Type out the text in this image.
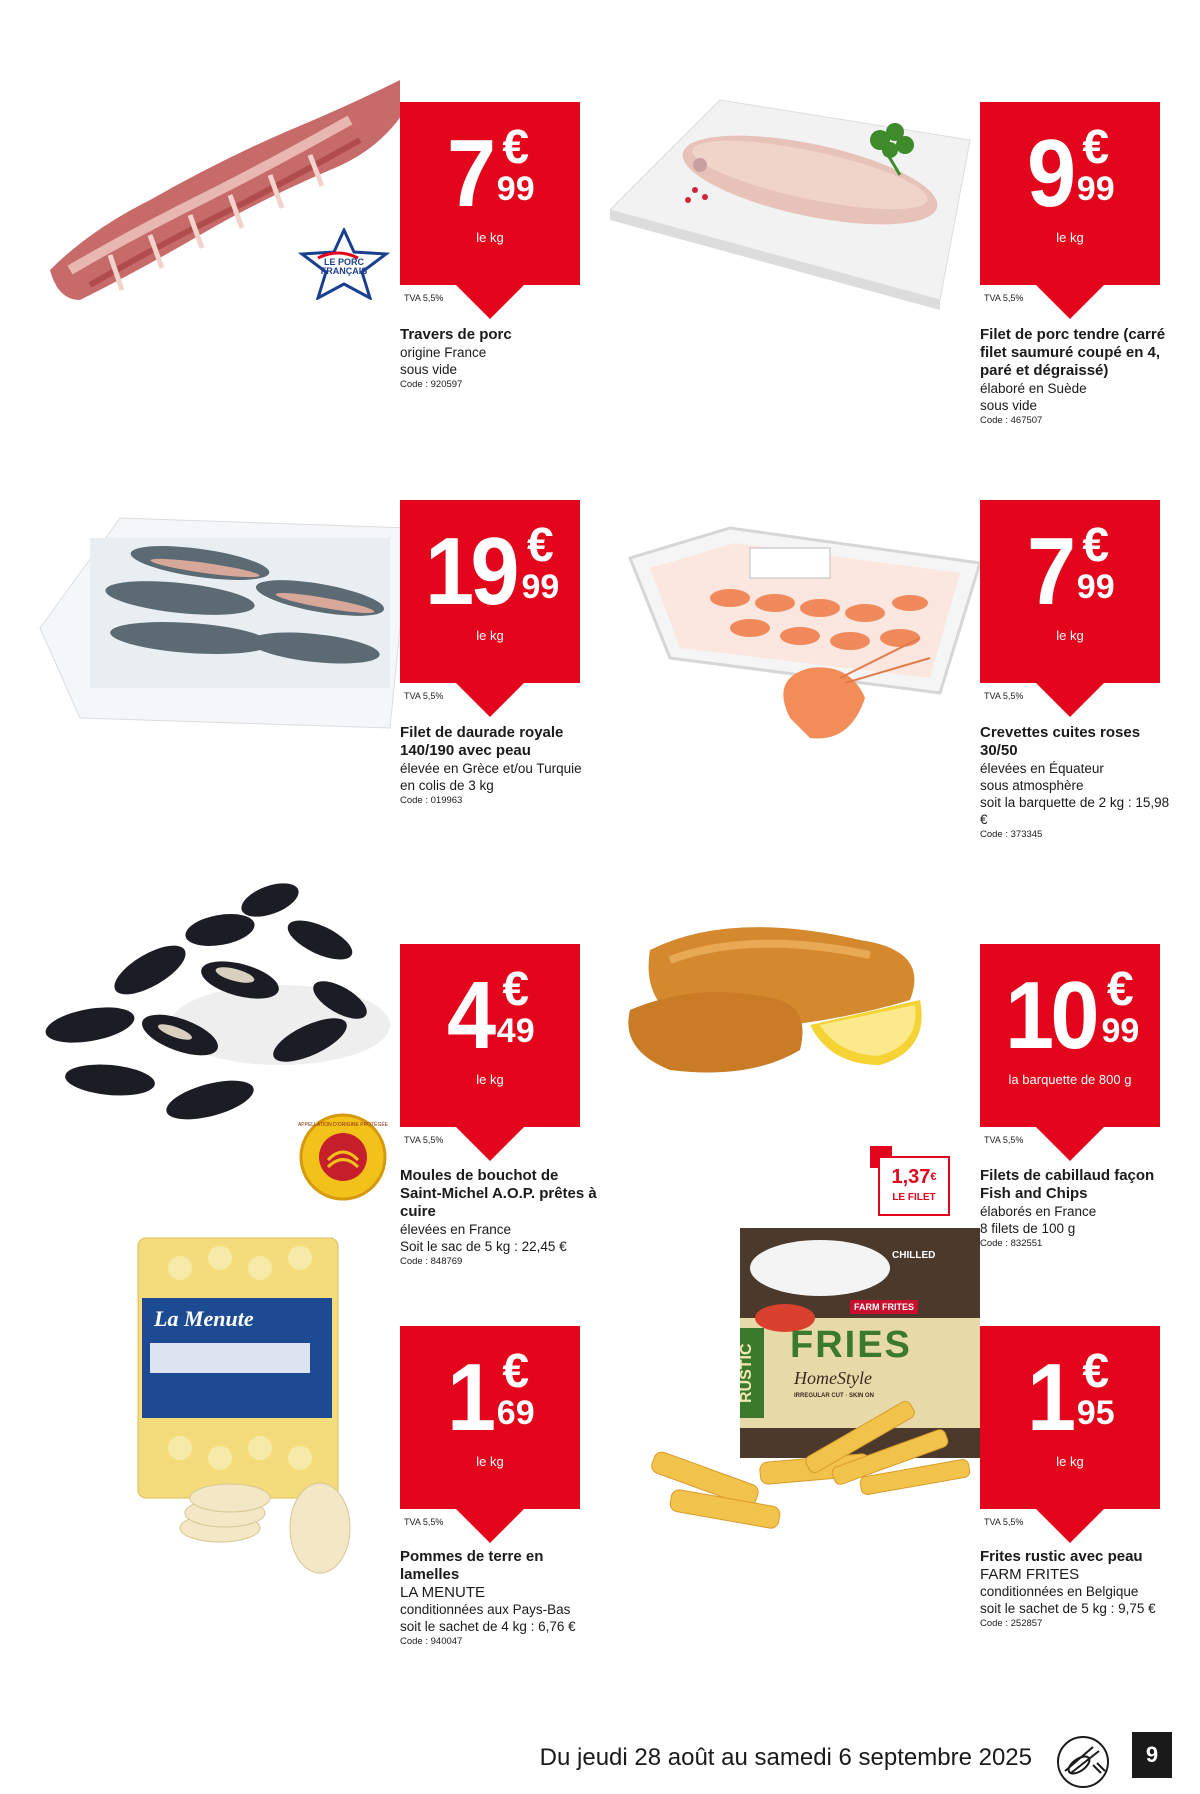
LE PORC
FRANÇAIS
7 €
99
le kg
TVA 5,5%
Travers de porc
origine France
sous vide
Code : 920597
9 €
99
le kg
TVA 5,5%
Filet de porc tendre (carré filet saumuré coupé en 4, paré et dégraissé)
élaboré en Suède
sous vide
Code : 467507
19 €
99
le kg
TVA 5,5%
Filet de daurade royale 140/190 avec peau
élevée en Grèce et/ou Turquie
en colis de 3 kg
Code : 019963
7 €
99
le kg
TVA 5,5%
Crevettes cuites roses 30/50
élevées en Équateur
sous atmosphère
soit la barquette de 2 kg : 15,98 €
Code : 373345
APPELLATION D'ORIGINE PROTÉGÉE
4 €
49
le kg
TVA 5,5%
Moules de bouchot de Saint-Michel A.O.P. prêtes à cuire
élevées en France
Soit le sac de 5 kg : 22,45 €
Code : 848769
10 €
99
la barquette de 800 g
TVA 5,5%
1,37€
LE FILET
Filets de cabillaud façon Fish and Chips
élaborés en France
8 filets de 100 g
Code : 832551
La Menute
1 €
69
le kg
TVA 5,5%
Pommes de terre en lamelles
LA MENUTE
conditionnées aux Pays-Bas
soit le sachet de 4 kg : 6,76 €
Code : 940047
CHILLED
FARM FRITES
FRIES
HomeStyle
IRREGULAR CUT · SKIN ON
RUSTIC	1 €
95
le kg
TVA 5,5%
Frites rustic avec peau
FARM FRITES
conditionnées en Belgique
soit le sachet de 5 kg : 9,75 €
Code : 252857
Du jeudi 28 août au samedi 6 septembre 2025	9
